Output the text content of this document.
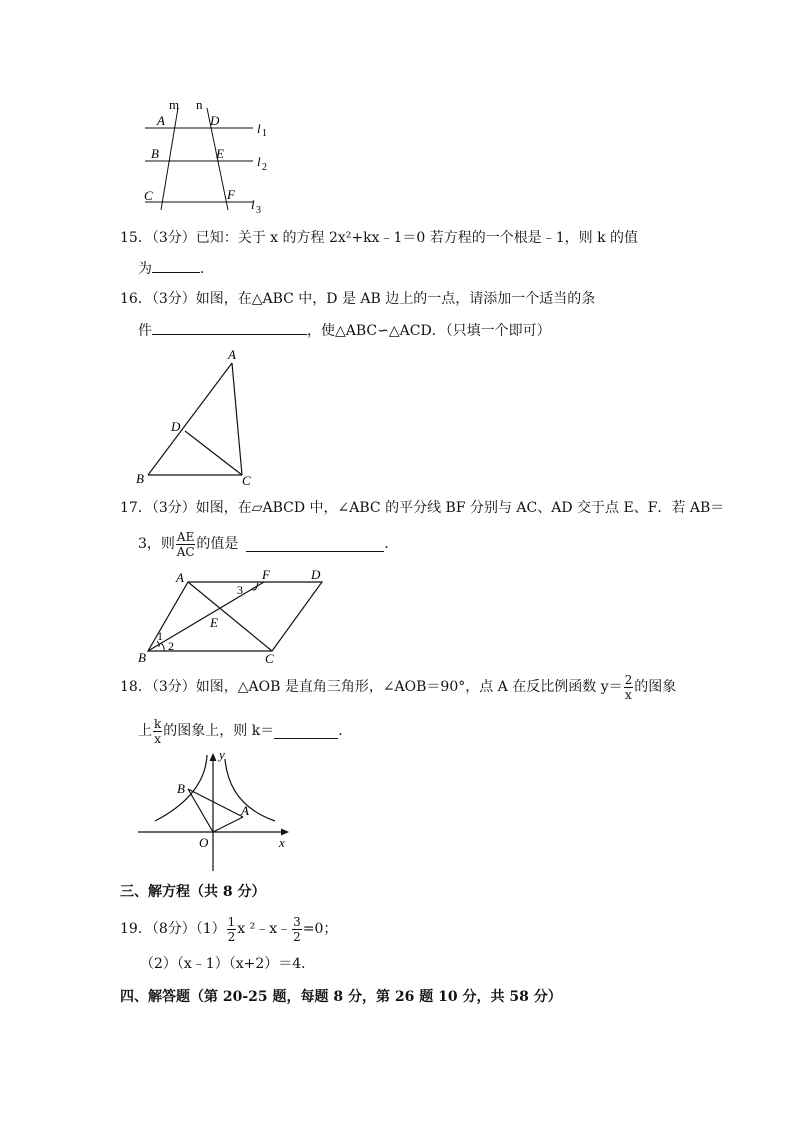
m n
A	D
l 1
B	E
l 2
C	F
l 3
15．（3分）已知：关于 x 的方程 2x²+kx﹣1＝0 若方程的一个根是﹣1，则 k 的值
为	．
16．（3分）如图，在△ABC 中，D 是 AB 边上的一点，请添加一个适当的条
件	，使△ABC∽△ACD．（只填一个即可）
A
D
B	C
17．（3分）如图，在▱ABCD 中，∠ABC 的平分线 BF 分别与 AC、AD 交于点 E、F．若 AB＝
3，则 $\frac{AE}{AC}$ 的值是	．
A	F	D
E
B	C
1
2
3
18．（3分）如图，△AOB 是直角三角形，∠AOB＝90°，点 A 在反比例函数 $y= \frac{2}{x}$ 的图象
上 $\frac{k}{x}$ 的图象上，则 k＝	．
y
B
A
O	x
三、解方程（共 8 分）
19．（8分）$(1) \frac{1}{2}$ x ²﹣x﹣ $\frac{3}{2} =0$；
（2）（x﹣1）（x+2）＝4．
四、解答题（第 20-25 题，每题 8 分，第 26 题 10 分，共 58 分）
